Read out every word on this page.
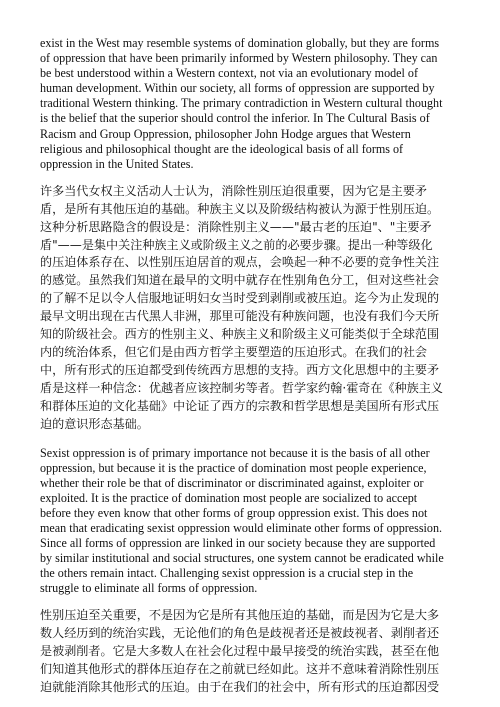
exist in the West may resemble systems of domination globally, but they are forms
of oppression that have been primarily informed by Western philosophy. They can
be best understood within a Western context, not via an evolutionary model of
human development. Within our society, all forms of oppression are supported by
traditional Western thinking. The primary contradiction in Western cultural thought
is the belief that the superior should control the inferior. In The Cultural Basis of
Racism and Group Oppression, philosopher John Hodge argues that Western
religious and philosophical thought are the ideological basis of all forms of
oppression in the United States.
许多当代女权主义活动人士认为，消除性别压迫很重要，因为它是主要矛
盾，是所有其他压迫的基础。种族主义以及阶级结构被认为源于性别压迫。
这种分析思路隐含的假设是：消除性别主义——"最古老的压迫"、"主要矛
盾"——是集中关注种族主义或阶级主义之前的必要步骤。提出一种等级化
的压迫体系存在、以性别压迫居首的观点，会唤起一种不必要的竞争性关注
的感觉。虽然我们知道在最早的文明中就存在性别角色分工，但对这些社会
的了解不足以令人信服地证明妇女当时受到剥削或被压迫。迄今为止发现的
最早文明出现在古代黑人非洲，那里可能没有种族问题，也没有我们今天所
知的阶级社会。西方的性别主义、种族主义和阶级主义可能类似于全球范围
内的统治体系，但它们是由西方哲学主要塑造的压迫形式。在我们的社会
中，所有形式的压迫都受到传统西方思想的支持。西方文化思想中的主要矛
盾是这样一种信念：优越者应该控制劣等者。哲学家约翰·霍奇在《种族主义
和群体压迫的文化基础》中论证了西方的宗教和哲学思想是美国所有形式压
迫的意识形态基础。
Sexist oppression is of primary importance not because it is the basis of all other
oppression, but because it is the practice of domination most people experience,
whether their role be that of discriminator or discriminated against, exploiter or
exploited. It is the practice of domination most people are socialized to accept
before they even know that other forms of group oppression exist. This does not
mean that eradicating sexist oppression would eliminate other forms of oppression.
Since all forms of oppression are linked in our society because they are supported
by similar institutional and social structures, one system cannot be eradicated while
the others remain intact. Challenging sexist oppression is a crucial step in the
struggle to eliminate all forms of oppression.
性别压迫至关重要，不是因为它是所有其他压迫的基础，而是因为它是大多
数人经历到的统治实践，无论他们的角色是歧视者还是被歧视者、剥削者还
是被剥削者。它是大多数人在社会化过程中最早接受的统治实践，甚至在他
们知道其他形式的群体压迫存在之前就已经如此。这并不意味着消除性别压
迫就能消除其他形式的压迫。由于在我们的社会中，所有形式的压迫都因受
